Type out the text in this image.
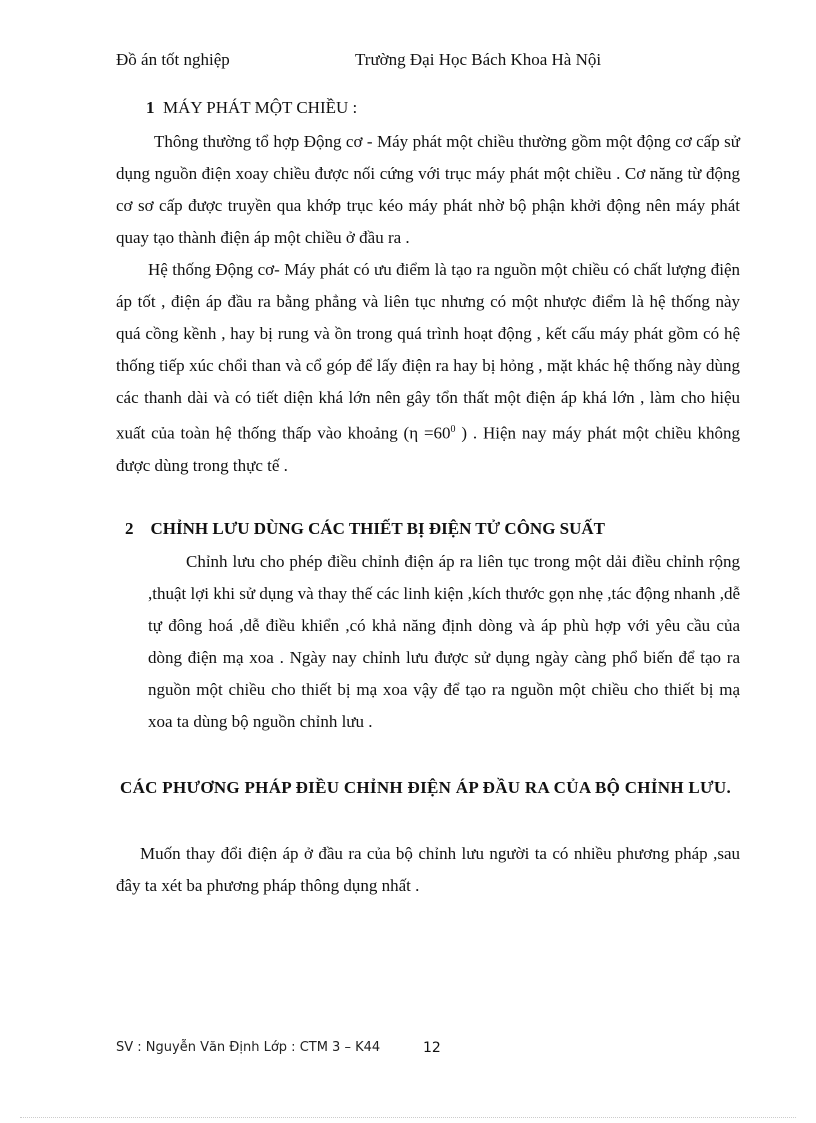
Đồ án tốt nghiệp	Trường Đại Học Bách Khoa Hà Nội
1 MÁY PHÁT MỘT CHIỀU :

Thông thường tổ hợp Động cơ - Máy phát một chiều thường gồm một động cơ cấp sử dụng nguồn điện xoay chiều được nối cứng với trục máy phát một chiều . Cơ năng từ động cơ sơ cấp được truyền qua khớp trục kéo máy phát nhờ bộ phận khởi động nên máy phát quay tạo thành điện áp một chiều ở đầu ra .

Hệ thống Động cơ- Máy phát có ưu điểm là tạo ra nguồn một chiều có chất lượng điện áp tốt , điện áp đầu ra bằng phẳng và liên tục nhưng có một nhược điểm là hệ thống này quá cồng kềnh , hay bị rung và ồn trong quá trình hoạt động , kết cấu máy phát gồm có hệ thống tiếp xúc chổi than và cổ góp để lấy điện ra hay bị hỏng , mặt khác hệ thống này dùng các thanh dài và có tiết diện khá lớn nên gây tổn thất một điện áp khá lớn , làm cho hiệu xuất của toàn hệ thống thấp vào khoảng ($\eta =60^0$ ) . Hiện nay máy phát một chiều không được dùng trong thực tế .

2 CHỈNH LƯU DÙNG CÁC THIẾT BỊ ĐIỆN TỬ CÔNG SUẤT

Chỉnh lưu cho phép điều chỉnh điện áp ra liên tục trong một dải điều chỉnh rộng ,thuật lợi khi sử dụng và thay thế các linh kiện ,kích thước gọn nhẹ ,tác động nhanh ,dễ tự đông hoá ,dễ điều khiển ,có khả năng định dòng và áp phù hợp với yêu cầu của dòng điện mạ xoa . Ngày nay chỉnh lưu được sử dụng ngày càng phổ biến để tạo ra nguồn một chiều cho thiết bị mạ xoa vậy để tạo ra nguồn một chiều cho thiết bị mạ xoa ta dùng bộ nguồn chỉnh lưu .

CÁC PHƯƠNG PHÁP ĐIỀU CHỈNH ĐIỆN ÁP ĐẦU RA CỦA BỘ CHỈNH LƯU.

Muốn thay đổi điện áp ở đầu ra của bộ chỉnh lưu người ta có nhiều phương pháp ,sau đây ta xét ba phương pháp thông dụng nhất .

SV : Nguyễn Văn Định Lớp : CTM 3 – K44	12
